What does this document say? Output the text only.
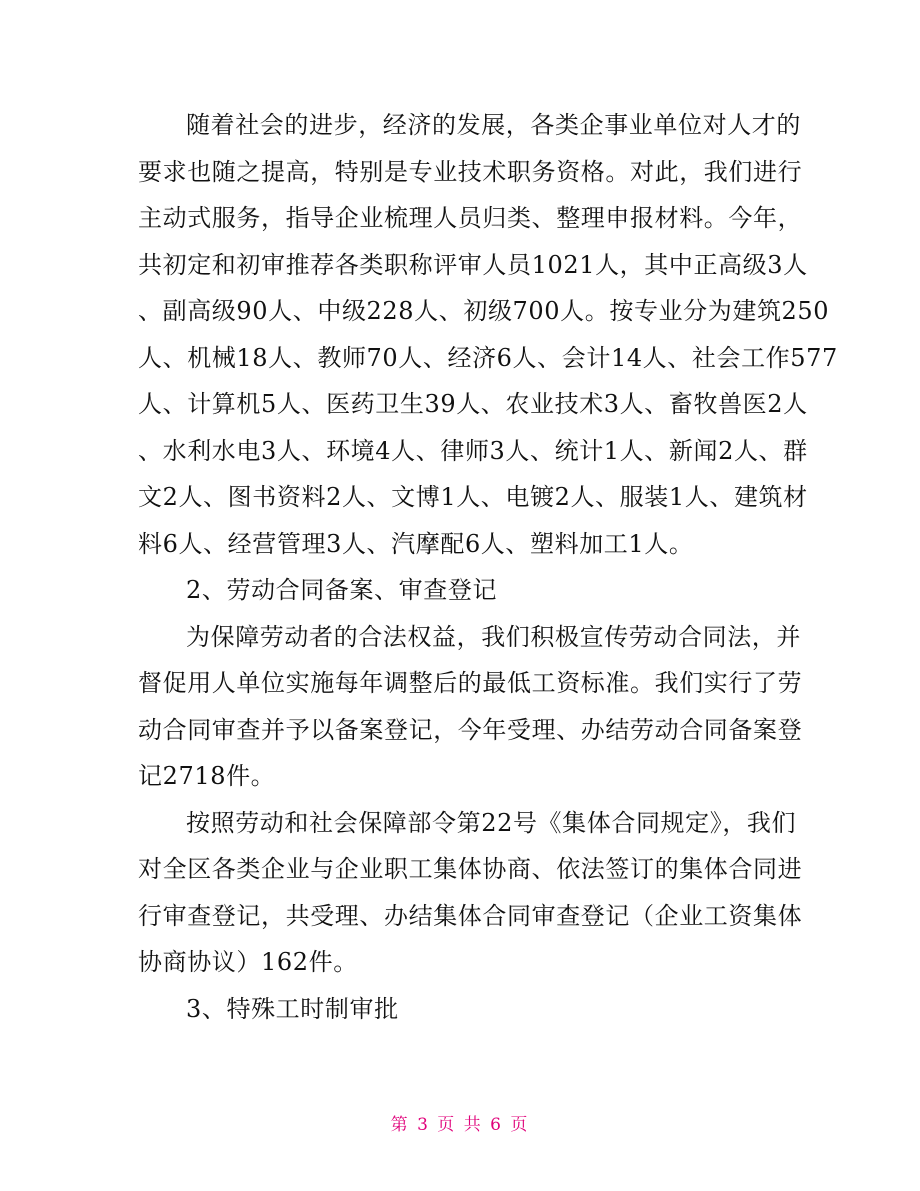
随着社会的进步，经济的发展，各类企事业单位对人才的
要求也随之提高，特别是专业技术职务资格。对此，我们进行
主动式服务，指导企业梳理人员归类、整理申报材料。今年，
共初定和初审推荐各类职称评审人员1021人，其中正高级3人
、副高级90人、中级228人、初级700人。按专业分为建筑250
人、机械18人、教师70人、经济6人、会计14人、社会工作577
人、计算机5人、医药卫生39人、农业技术3人、畜牧兽医2人
、水利水电3人、环境4人、律师3人、统计1人、新闻2人、群
文2人、图书资料2人、文博1人、电镀2人、服装1人、建筑材
料6人、经营管理3人、汽摩配6人、塑料加工1人。
2、劳动合同备案、审查登记
为保障劳动者的合法权益，我们积极宣传劳动合同法，并
督促用人单位实施每年调整后的最低工资标准。我们实行了劳
动合同审查并予以备案登记，今年受理、办结劳动合同备案登
记2718件。
按照劳动和社会保障部令第22号《集体合同规定》，我们
对全区各类企业与企业职工集体协商、依法签订的集体合同进
行审查登记，共受理、办结集体合同审查登记（企业工资集体
协商协议）162件。
3、特殊工时制审批
第 3 页 共 6 页
